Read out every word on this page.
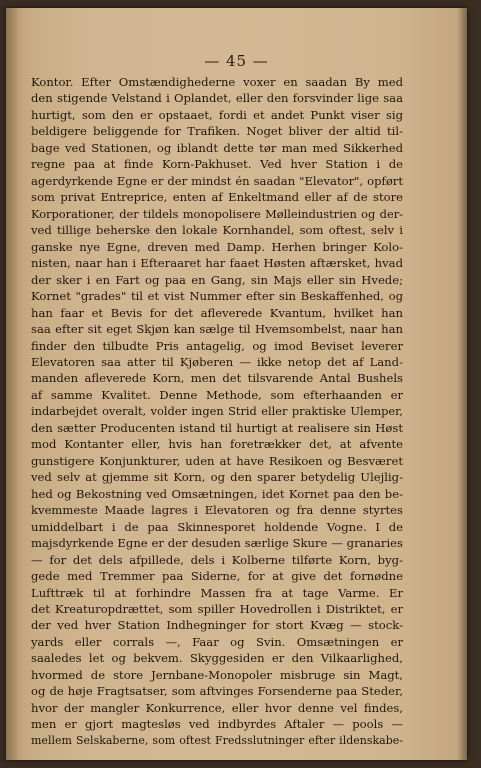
— 45 —
Kontor. Efter Omstændighederne voxer en saadan By med
den stigende Velstand i Oplandet, eller den forsvinder lige saa
hurtigt, som den er opstaaet, fordi et andet Punkt viser sig
beldigere beliggende for Trafiken. Noget bliver der altid til-
bage ved Stationen, og iblandt dette tør man med Sikkerhed
regne paa at finde Korn-Pakhuset. Ved hver Station i de
agerdyrkende Egne er der mindst én saadan "Elevator", opført
som privat Entreprice, enten af Enkeltmand eller af de store
Korporationer, der tildels monopolisere Mølleindustrien og der-
ved tillige beherske den lokale Kornhandel, som oftest, selv i
ganske nye Egne, dreven med Damp. Herhen bringer Kolo-
nisten, naar han i Efteraaret har faaet Høsten aftærsket, hvad
der sker i en Fart og paa en Gang, sin Majs eller sin Hvede;
Kornet "grades" til et vist Nummer efter sin Beskaffenhed, og
han faar et Bevis for det afleverede Kvantum, hvilket han
saa efter sit eget Skjøn kan sælge til Hvemsombelst, naar han
finder den tilbudte Pris antagelig, og imod Beviset leverer
Elevatoren saa atter til Kjøberen — ikke netop det af Land-
manden afleverede Korn, men det tilsvarende Antal Bushels
af samme Kvalitet. Denne Methode, som efterhaanden er
indarbejdet overalt, volder ingen Strid eller praktiske Ulemper,
den sætter Producenten istand til hurtigt at realisere sin Høst
mod Kontanter eller, hvis han foretrækker det, at afvente
gunstigere Konjunkturer, uden at have Resikoen og Besværet
ved selv at gjemme sit Korn, og den sparer betydelig Ulejlig-
hed og Bekostning ved Omsætningen, idet Kornet paa den be-
kvemmeste Maade lagres i Elevatoren og fra denne styrtes
umiddelbart i de paa Skinnesporet holdende Vogne. I de
majsdyrkende Egne er der desuden særlige Skure — granaries
— for det dels afpillede, dels i Kolberne tilførte Korn, byg-
gede med Tremmer paa Siderne, for at give det fornødne
Lufttræk til at forhindre Massen fra at tage Varme. Er
det Kreaturopdrættet, som spiller Hovedrollen i Distriktet, er
der ved hver Station Indhegninger for stort Kvæg — stock-
yards eller corrals —, Faar og Svin. Omsætningen er
saaledes let og bekvem. Skyggesiden er den Vilkaarlighed,
hvormed de store Jernbane-Monopoler misbruge sin Magt,
og de høje Fragtsatser, som aftvinges Forsenderne paa Steder,
hvor der mangler Konkurrence, eller hvor denne vel findes,
men er gjort magtesløs ved indbyrdes Aftaler — pools —
mellem Selskaberne, som oftest Fredsslutninger efter ildenskabe-
